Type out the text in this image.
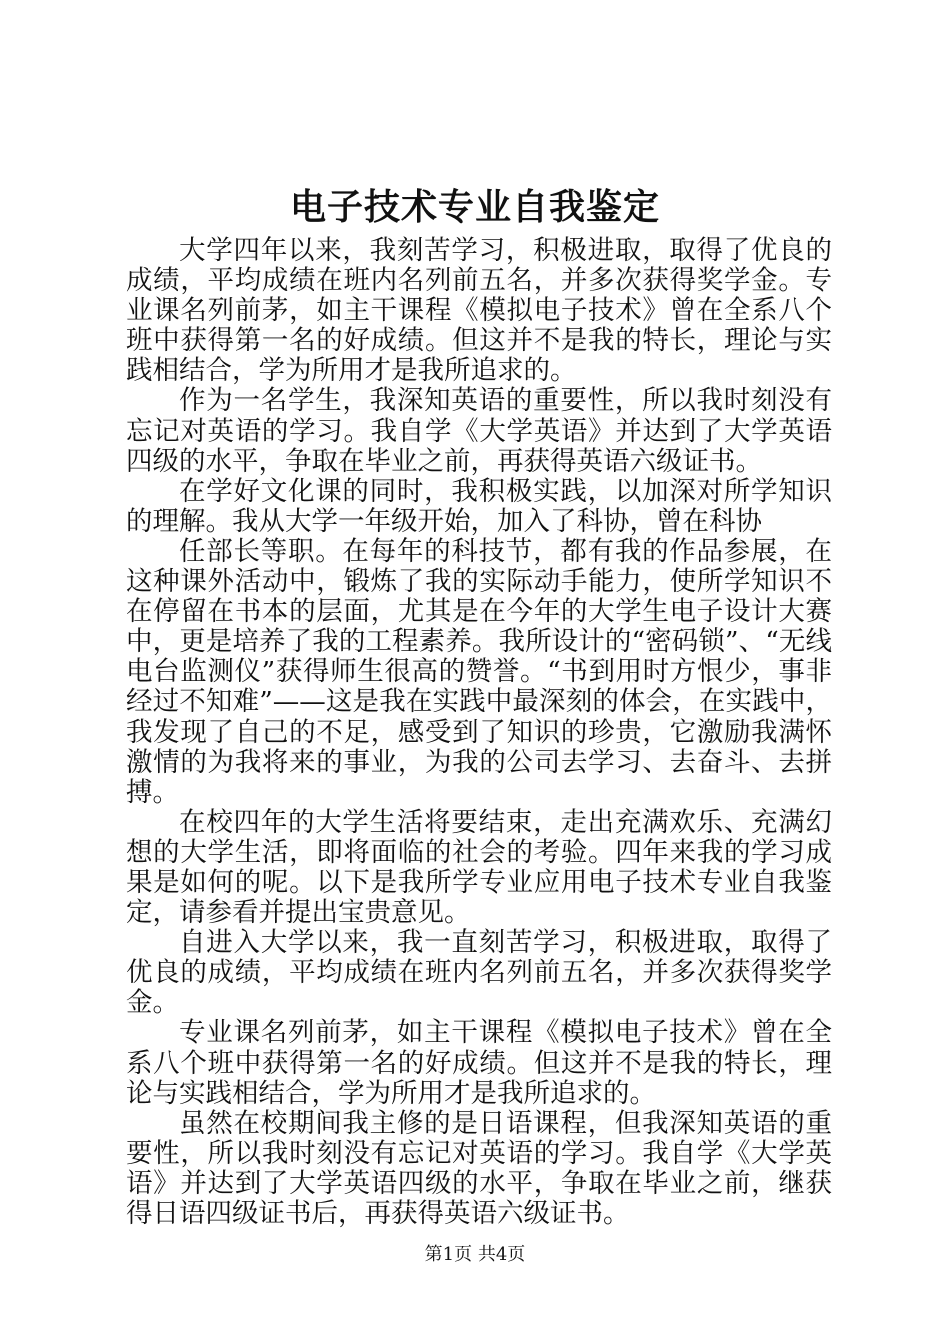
电子技术专业自我鉴定

大学四年以来，我刻苦学习，积极进取，取得了优良的成绩，平均成绩在班内名列前五名，并多次获得奖学金。专业课名列前茅，如主干课程《模拟电子技术》曾在全系八个班中获得第一名的好成绩。但这并不是我的特长，理论与实践相结合，学为所用才是我所追求的。

作为一名学生，我深知英语的重要性，所以我时刻没有忘记对英语的学习。我自学《大学英语》并达到了大学英语四级的水平，争取在毕业之前，再获得英语六级证书。

在学好文化课的同时，我积极实践，以加深对所学知识的理解。我从大学一年级开始，加入了科协，曾在科协

任部长等职。在每年的科技节，都有我的作品参展，在这种课外活动中，锻炼了我的实际动手能力，使所学知识不在停留在书本的层面，尤其是在今年的大学生电子设计大赛中，更是培养了我的工程素养。我所设计的“密码锁”、“无线电台监测仪”获得师生很高的赞誉。“书到用时方恨少，事非经过不知难”——这是我在实践中最深刻的体会，在实践中，我发现了自己的不足，感受到了知识的珍贵，它激励我满怀激情的为我将来的事业，为我的公司去学习、去奋斗、去拼搏。

在校四年的大学生活将要结束，走出充满欢乐、充满幻想的大学生活，即将面临的社会的考验。四年来我的学习成果是如何的呢。以下是我所学专业应用电子技术专业自我鉴定，请参看并提出宝贵意见。

自进入大学以来，我一直刻苦学习，积极进取，取得了优良的成绩，平均成绩在班内名列前五名，并多次获得奖学金。

专业课名列前茅，如主干课程《模拟电子技术》曾在全系八个班中获得第一名的好成绩。但这并不是我的特长，理论与实践相结合，学为所用才是我所追求的。

虽然在校期间我主修的是日语课程，但我深知英语的重要性，所以我时刻没有忘记对英语的学习。我自学《大学英语》并达到了大学英语四级的水平，争取在毕业之前，继获得日语四级证书后，再获得英语六级证书。

第1页 共4页
